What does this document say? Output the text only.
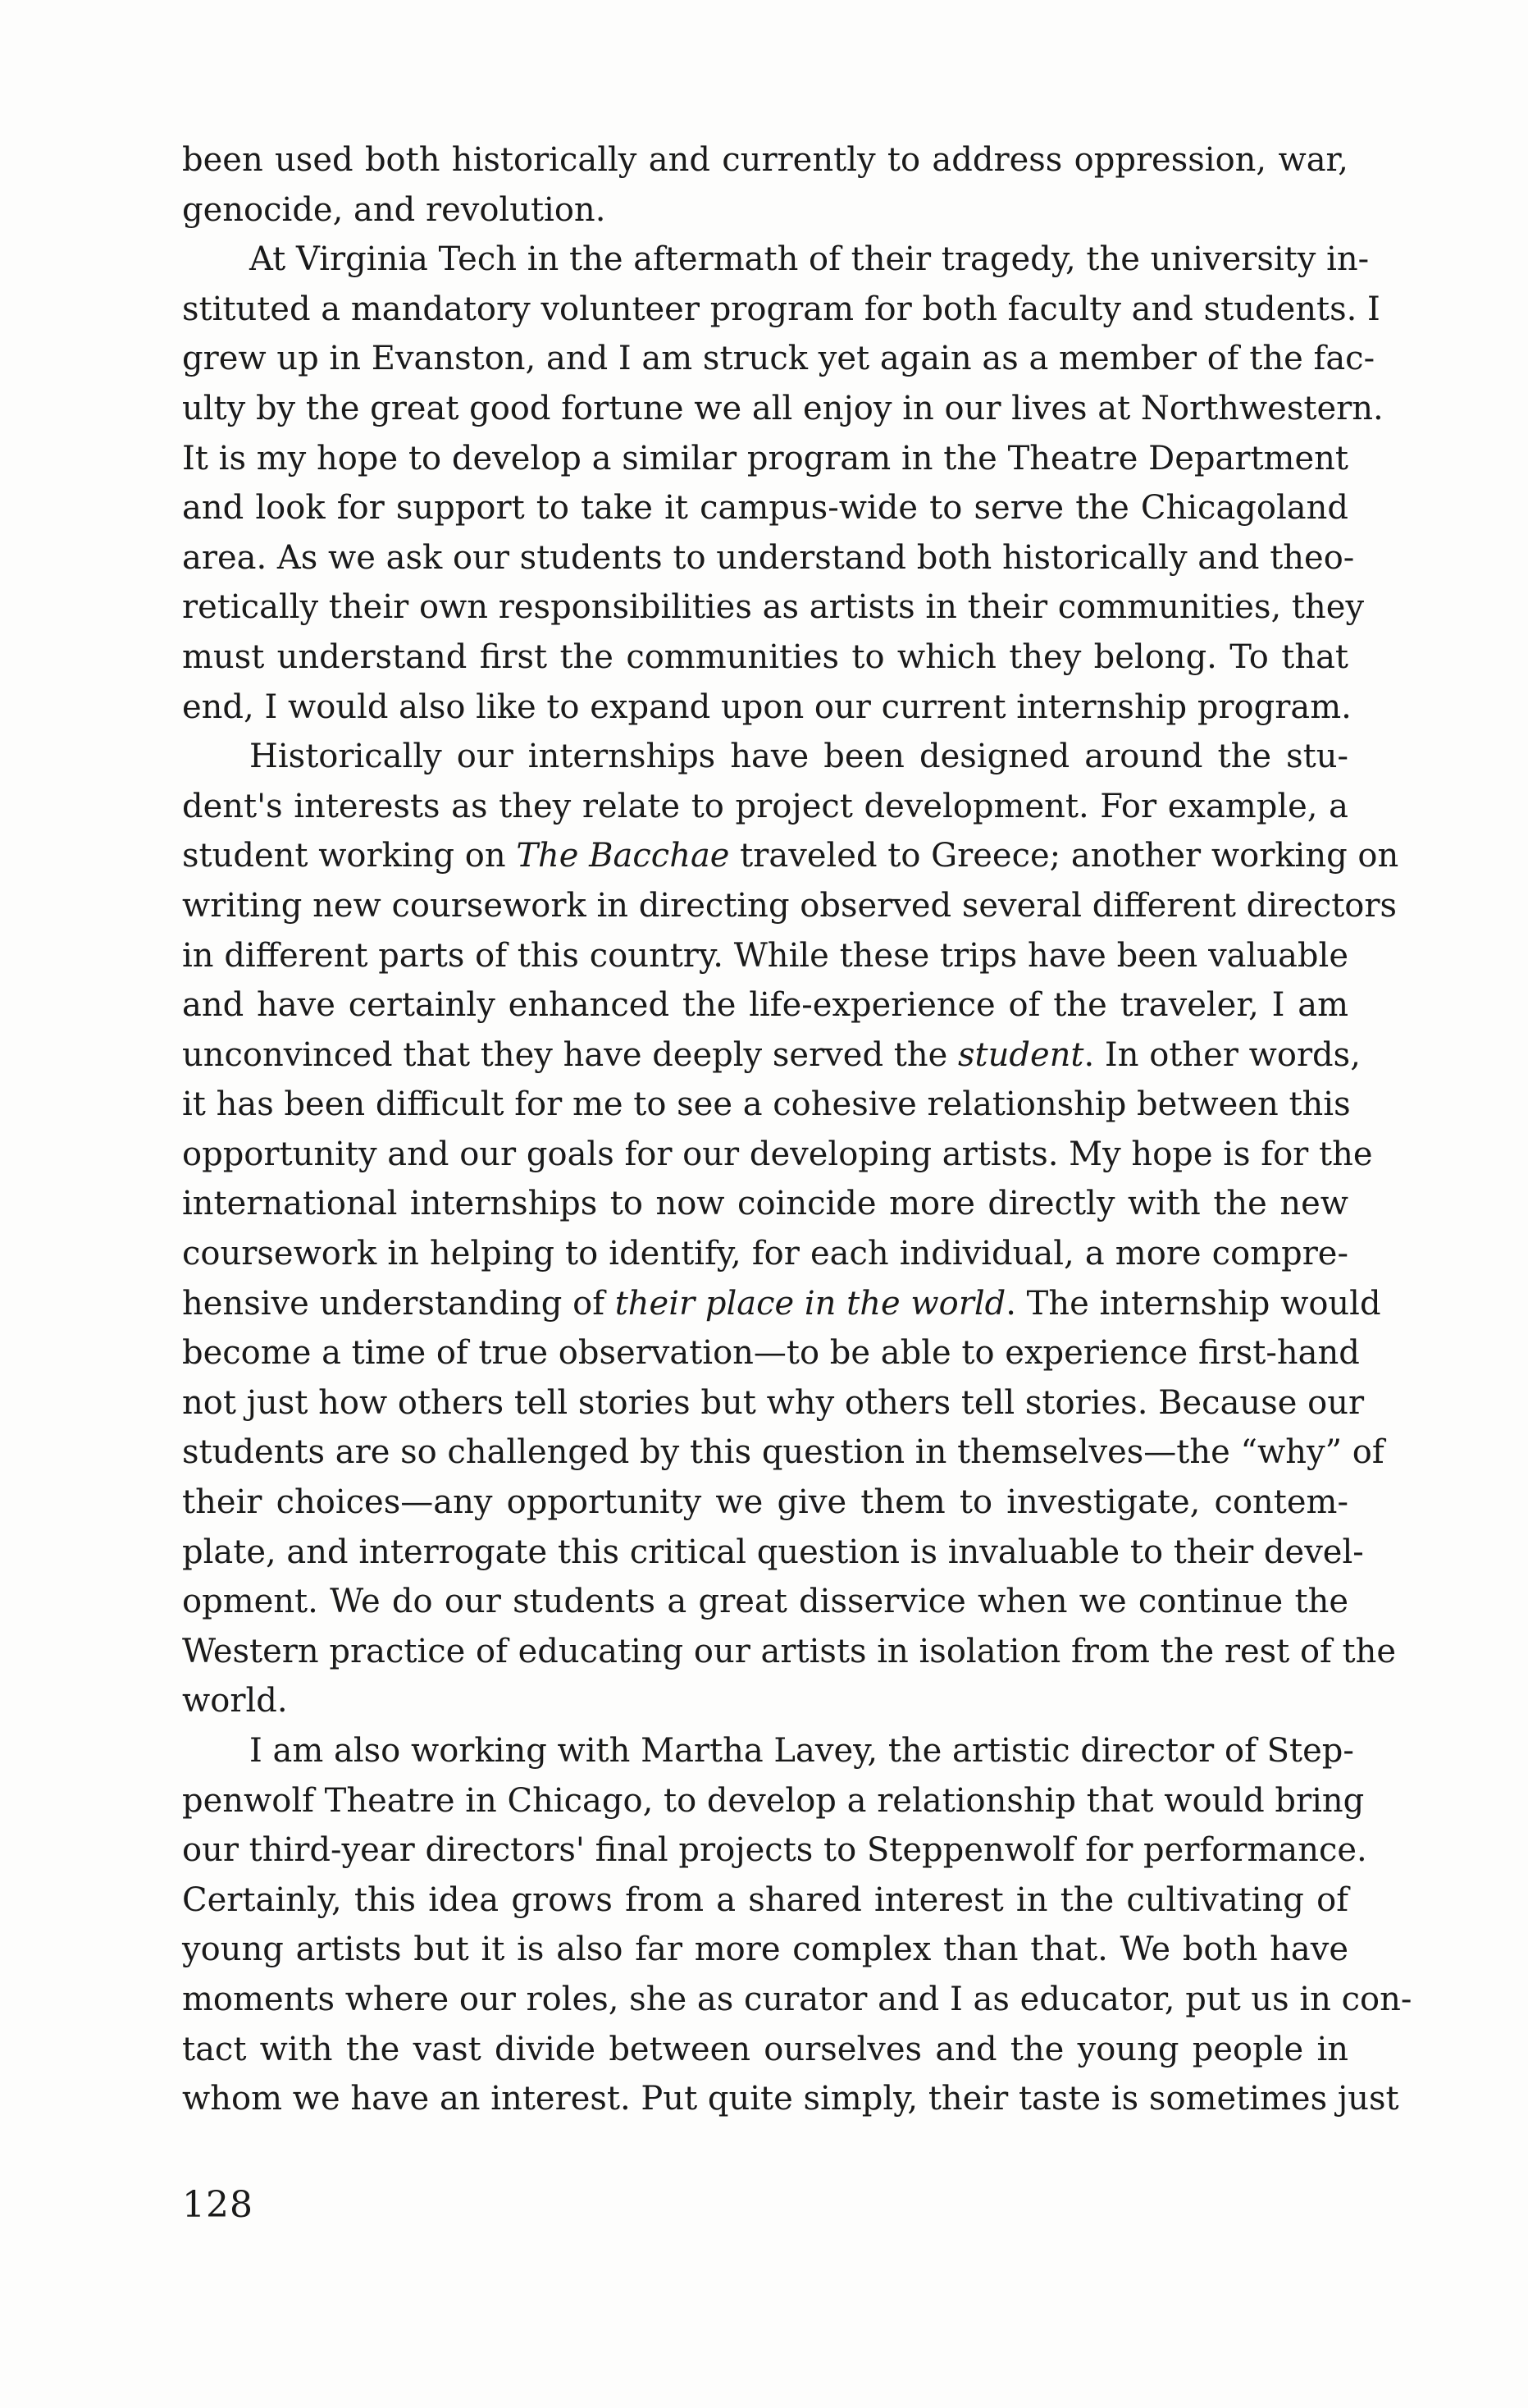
been used both historically and currently to address oppression, war,
genocide, and revolution.
At Virginia Tech in the aftermath of their tragedy, the university in-
stituted a mandatory volunteer program for both faculty and students. I
grew up in Evanston, and I am struck yet again as a member of the fac-
ulty by the great good fortune we all enjoy in our lives at Northwestern.
It is my hope to develop a similar program in the Theatre Department
and look for support to take it campus-wide to serve the Chicagoland
area. As we ask our students to understand both historically and theo-
retically their own responsibilities as artists in their communities, they
must understand first the communities to which they belong. To that
end, I would also like to expand upon our current internship program.
Historically our internships have been designed around the stu-
dent's interests as they relate to project development. For example, a
student working on The Bacchae traveled to Greece; another working on
writing new coursework in directing observed several different directors
in different parts of this country. While these trips have been valuable
and have certainly enhanced the life-experience of the traveler, I am
unconvinced that they have deeply served the student. In other words,
it has been difficult for me to see a cohesive relationship between this
opportunity and our goals for our developing artists. My hope is for the
international internships to now coincide more directly with the new
coursework in helping to identify, for each individual, a more compre-
hensive understanding of their place in the world. The internship would
become a time of true observation—to be able to experience first-hand
not just how others tell stories but why others tell stories. Because our
students are so challenged by this question in themselves—the “why” of
their choices—any opportunity we give them to investigate, contem-
plate, and interrogate this critical question is invaluable to their devel-
opment. We do our students a great disservice when we continue the
Western practice of educating our artists in isolation from the rest of the
world.
I am also working with Martha Lavey, the artistic director of Step-
penwolf Theatre in Chicago, to develop a relationship that would bring
our third-year directors' final projects to Steppenwolf for performance.
Certainly, this idea grows from a shared interest in the cultivating of
young artists but it is also far more complex than that. We both have
moments where our roles, she as curator and I as educator, put us in con-
tact with the vast divide between ourselves and the young people in
whom we have an interest. Put quite simply, their taste is sometimes just
128
